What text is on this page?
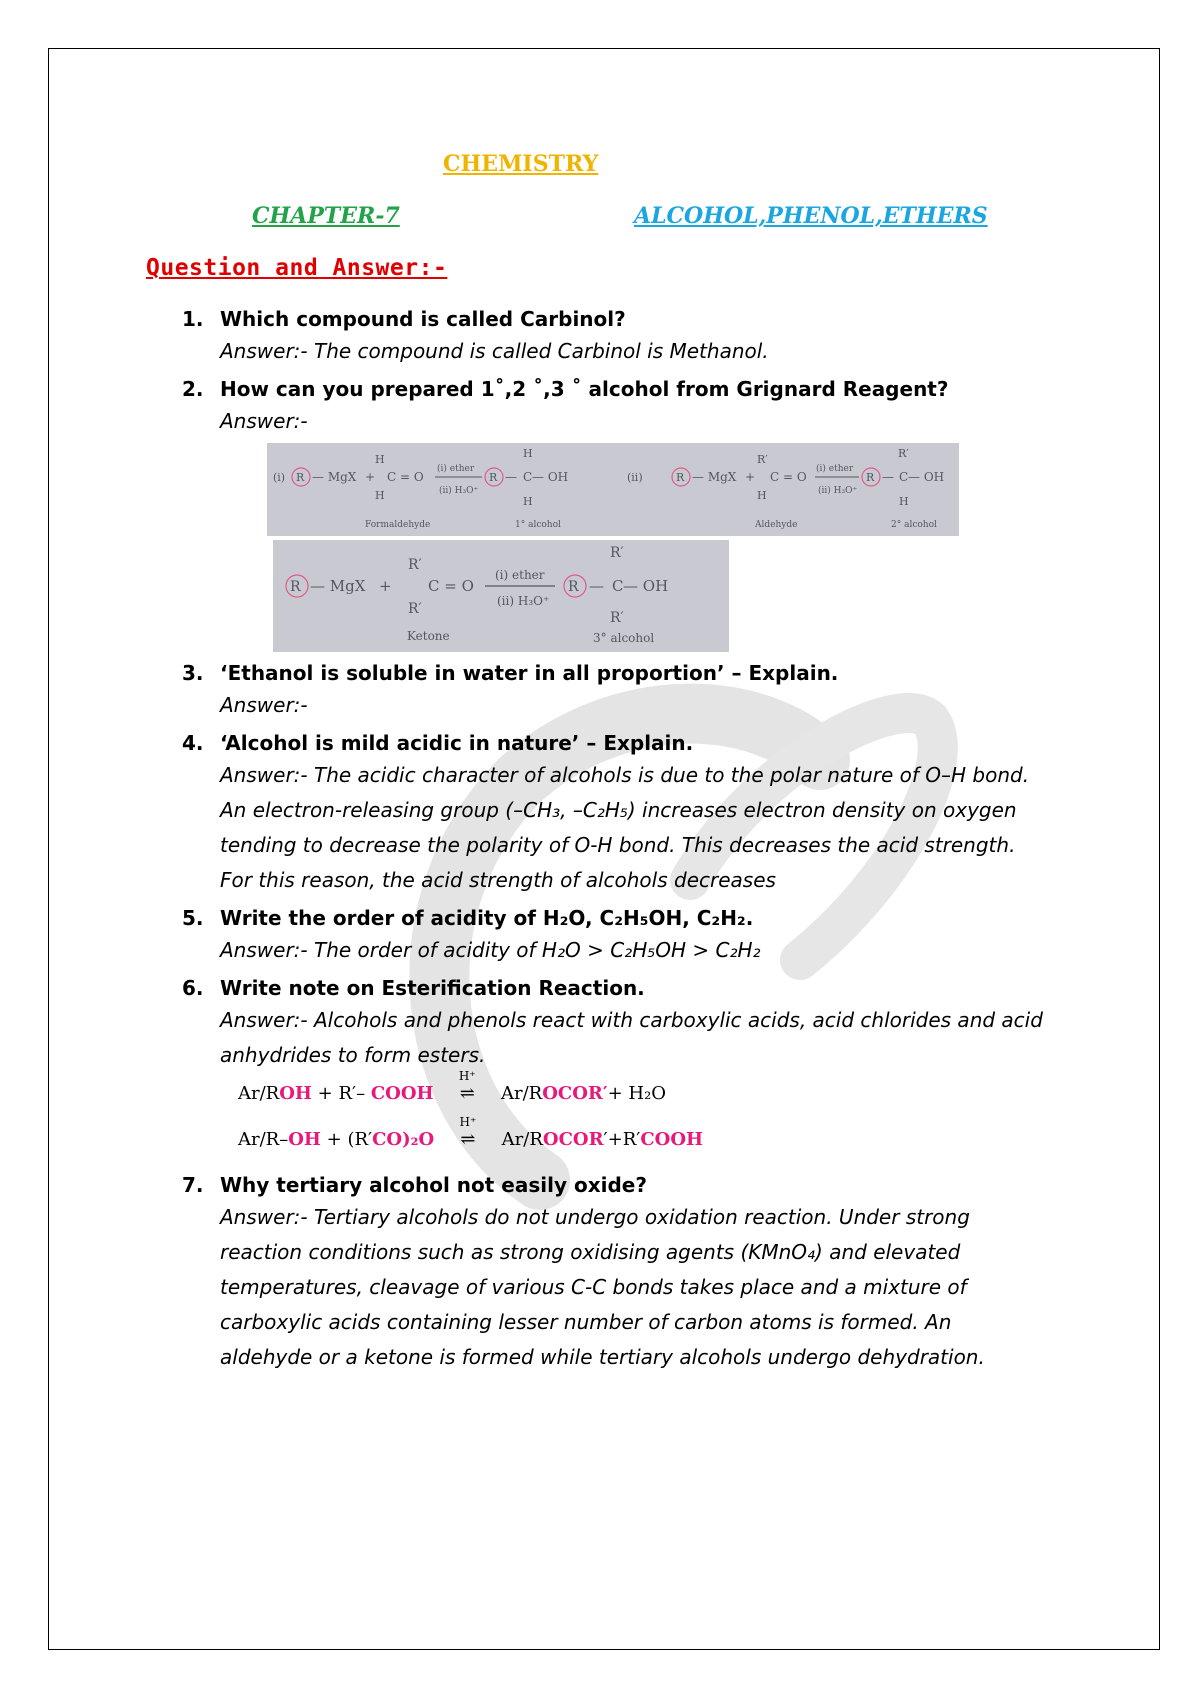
CHEMISTRY
CHAPTER-7	ALCOHOL,PHENOL,ETHERS
Question and Answer:-
1. Which compound is called Carbinol?
Answer:- The compound is called Carbinol is Methanol.
2. How can you prepared 1˚,2 ˚,3 ˚ alcohol from Grignard Reagent?
Answer:-
(i) R — MgX +
H
H
C = O
(i) ether
(ii) H₃O⁺
R — C — OH
H
H
Formaldehyde	1° alcohol
(ii)	R — MgX +
R′
H
C = O
(i) ether
(ii) H₃O⁺
R — C — OH
R′
H
Aldehyde	2° alcohol
R — MgX +
R′
R′
C = O
(i) ether
(ii) H₃O⁺
R — C — OH
R′
R′
Ketone	3° alcohol
3. ‘Ethanol is soluble in water in all proportion’ – Explain.
Answer:-
4. ‘Alcohol is mild acidic in nature’ – Explain.
Answer:- The acidic character of alcohols is due to the polar nature of O–H bond. An electron-releasing group (–CH₃, –C₂H₅) increases electron density on oxygen tending to decrease the polarity of O-H bond. This decreases the acid strength. For this reason, the acid strength of alcohols decreases
5. Write the order of acidity of H₂O, C₂H₅OH, C₂H₂.
Answer:- The order of acidity of H₂O > C₂H₅OH > C₂H₂
6. Write note on Esterification Reaction.
Answer:- Alcohols and phenols react with carboxylic acids, acid chlorides and acid anhydrides to form esters.
Ar/ROH + R′– COOH
H⁺
⇌ Ar/ROCOR′+ H₂O
Ar/R–OH + (R′CO)₂O
H⁺
⇌ Ar/ROCOR′+R′COOH
7. Why tertiary alcohol not easily oxide?
Answer:- Tertiary alcohols do not undergo oxidation reaction. Under strong reaction conditions such as strong oxidising agents (KMnO₄) and elevated temperatures, cleavage of various C-C bonds takes place and a mixture of carboxylic acids containing lesser number of carbon atoms is formed. An aldehyde or a ketone is formed while tertiary alcohols undergo dehydration.
